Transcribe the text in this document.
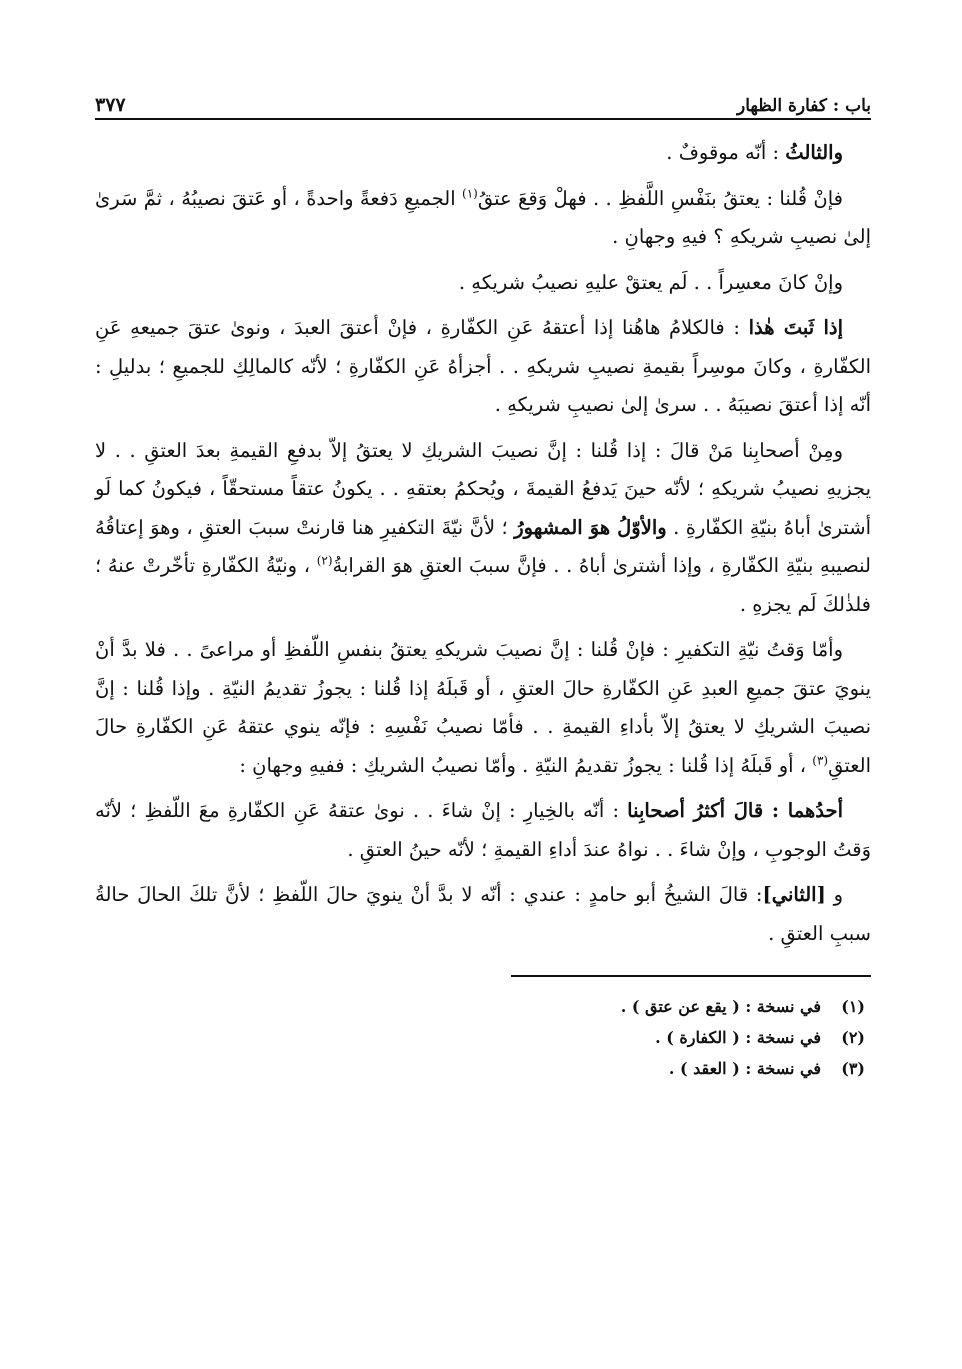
باب : كفارة الظهار
٣٧٧

والثالثُ : أنّه موقوفٌ .

فإنْ قُلنا : يعتقُ بنَفْسِ اللَّفظِ . . فهلْ وَقعَ عتقُ$^{(١)}$ الجميعِ دَفعةً واحدةً ، أو عَتقَ نصيبُهُ ، ثمَّ سَرىٰ إلىٰ نصيبِ شريكهِ ؟ فيهِ وجهانِ .

وإنْ كانَ معسِراً . . لَم يعتقْ عليهِ نصيبُ شريكهِ .

إذا ثَبتَ هٰذا : فالكلامُ هاهُنا إذا أعتقهُ عَنِ الكفّارةِ ، فإنْ أعتقَ العبدَ ، ونوىٰ عتقَ جميعهِ عَنِ الكفّارةِ ، وكانَ موسِراً بقيمةِ نصيبِ شريكهِ . . أجزأهُ عَنِ الكفّارةِ ؛ لأنّه كالمالِكِ للجميعِ ؛ بدليلِ : أنّه إذا أعتقَ نصيبَهُ . . سرىٰ إلىٰ نصيبِ شريكهِ .

ومِنْ أصحابِنا مَنْ قالَ : إذا قُلنا : إنَّ نصيبَ الشريكِ لا يعتقُ إلاّ بدفعِ القيمةِ بعدَ العتقِ . . لا يجزيهِ نصيبُ شريكهِ ؛ لأنّه حينَ يَدفعُ القيمةَ ، ويُحكمُ بعتقهِ . . يكونُ عتقاً مستحقّاً ، فيكونُ كما لَو أشترىٰ أباهُ بنيّةِ الكفّارةِ . والأوّلُ هوَ المشهورُ ؛ لأنَّ نيّةَ التكفيرِ هنا قارنتْ سببَ العتقِ ، وهوَ إعتاقُهُ لنصيبهِ بنيّةِ الكفّارةِ ، وإذا أشترىٰ أباهُ . . فإنَّ سببَ العتقِ هوَ القرابةُ$^{(٢)}$ ، ونيّةُ الكفّارةِ تأخّرتْ عنهُ ؛ فلذٰلكَ لَم يجزهِ .

وأمّا وَقتُ نيّةِ التكفيرِ : فإنْ قُلنا : إنَّ نصيبَ شريكهِ يعتقُ بنفسِ اللّفظِ أو مراعىً . . فلا بدَّ أنْ ينويَ عتقَ جميعِ العبدِ عَنِ الكفّارةِ حالَ العتقِ ، أو قَبلَهُ إذا قُلنا : يجوزُ تقديمُ النيّةِ . وإذا قُلنا : إنَّ نصيبَ الشريكِ لا يعتقُ إلاّ بأداءِ القيمةِ . . فأمّا نصيبُ نَفْسِهِ : فإنّه ينوي عتقهُ عَنِ الكفّارةِ حالَ العتقِ$^{(٣)}$ ، أو قَبلَهُ إذا قُلنا : يجوزُ تقديمُ النيّةِ . وأمّا نصيبُ الشريكِ : ففيهِ وجهانِ :

أحدُهما : قالَ أكثرُ أصحابِنا : أنّه بالخِيارِ : إنْ شاءَ . . نوىٰ عتقهُ عَنِ الكفّارةِ معَ اللّفظِ ؛ لأنّه وَقتُ الوجوبِ ، وإنْ شاءَ . . نواهُ عندَ أداءِ القيمةِ ؛ لأنّه حينُ العتقِ .

و [الثاني]: قالَ الشيخُ أبو حامدٍ : عندي : أنّه لا بدَّ أنْ ينويَ حالَ اللّفظِ ؛ لأنَّ تلكَ الحالَ حالةُ سببِ العتقِ .

(١)
في نسخة : ( يقع عن عتق ) .
(٢)
في نسخة : ( الكفارة ) .
(٣)
في نسخة : ( العقد ) .
